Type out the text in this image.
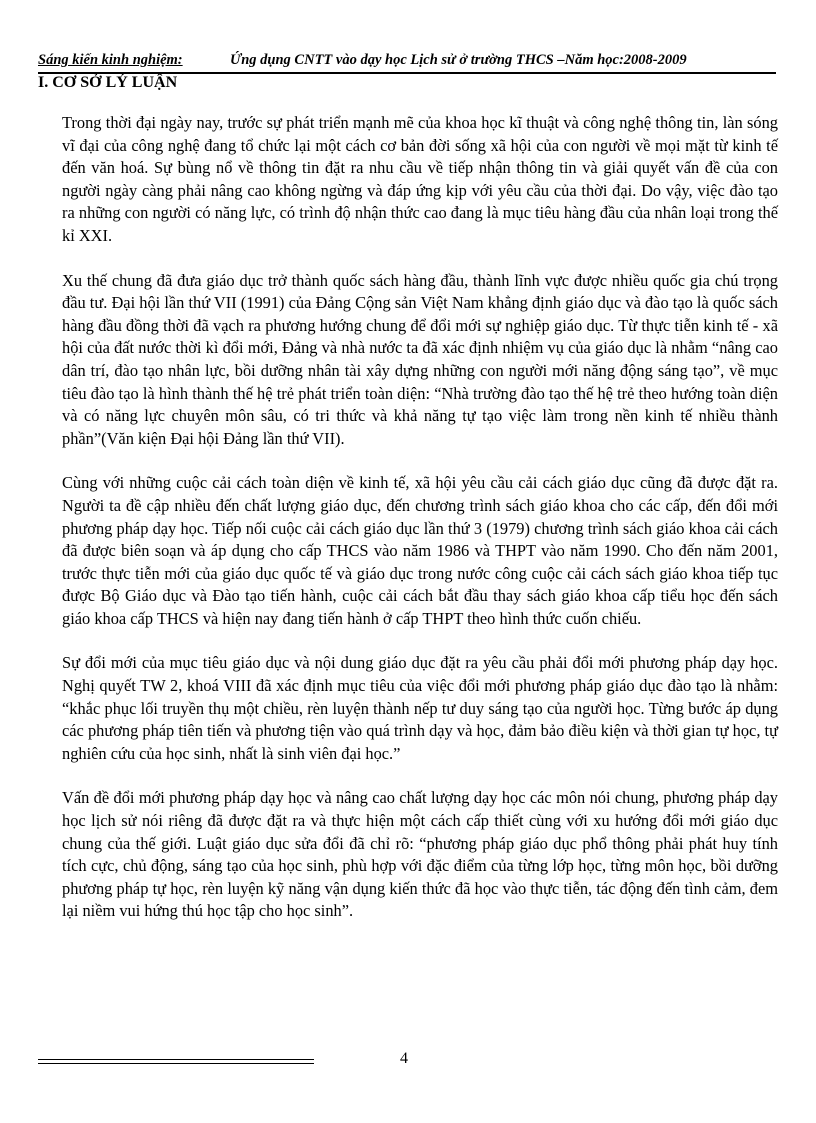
Sáng kiến kinh nghiệm:	Ứng dụng CNTT vào dạy học Lịch sử ở trường THCS –Năm học:2008-2009
I. CƠ SỞ LÝ LUẬN

Trong thời đại ngày nay, trước sự phát triển mạnh mẽ của khoa học kĩ thuật và công nghệ thông tin, làn sóng vĩ đại của công nghệ đang tổ chức lại một cách cơ bản đời sống xã hội của con người về mọi mặt từ kinh tế đến văn hoá. Sự bùng nổ về thông tin đặt ra nhu cầu về tiếp nhận thông tin và giải quyết vấn đề của con người ngày càng phải nâng cao không ngừng và đáp ứng kịp với yêu cầu của thời đại. Do vậy, việc đào tạo ra những con người có năng lực, có trình độ nhận thức cao đang là mục tiêu hàng đầu của nhân loại trong thế kỉ XXI.

Xu thế chung đã đưa giáo dục trở thành quốc sách hàng đầu, thành lĩnh vực được nhiều quốc gia chú trọng đầu tư. Đại hội lần thứ VII (1991) của Đảng Cộng sản Việt Nam khẳng định giáo dục và đào tạo là quốc sách hàng đầu đồng thời đã vạch ra phương hướng chung để đổi mới sự nghiệp giáo dục. Từ thực tiễn kinh tế - xã hội của đất nước thời kì đổi mới, Đảng và nhà nước ta đã xác định nhiệm vụ của giáo dục là nhằm “nâng cao dân trí, đào tạo nhân lực, bồi dưỡng nhân tài xây dựng những con người mới năng động sáng tạo”, về mục tiêu đào tạo là hình thành thế hệ trẻ phát triển toàn diện: “Nhà trường đào tạo thế hệ trẻ theo hướng toàn diện và có năng lực chuyên môn sâu, có tri thức và khả năng tự tạo việc làm trong nền kinh tế nhiều thành phần”(Văn kiện Đại hội Đảng lần thứ VII).

Cùng với những cuộc cải cách toàn diện về kinh tế, xã hội yêu cầu cải cách giáo dục cũng đã được đặt ra. Người ta đề cập nhiều đến chất lượng giáo dục, đến chương trình sách giáo khoa cho các cấp, đến đổi mới phương pháp dạy học. Tiếp nối cuộc cải cách giáo dục lần thứ 3 (1979) chương trình sách giáo khoa cải cách đã được biên soạn và áp dụng cho cấp THCS vào năm 1986 và THPT vào năm 1990. Cho đến năm 2001, trước thực tiễn mới của giáo dục quốc tế và giáo dục trong nước công cuộc cải cách sách giáo khoa tiếp tục được Bộ Giáo dục và Đào tạo tiến hành, cuộc cải cách bắt đầu thay sách giáo khoa cấp tiểu học đến sách giáo khoa cấp THCS và hiện nay đang tiến hành ở cấp THPT theo hình thức cuốn chiếu.

Sự đổi mới của mục tiêu giáo dục và nội dung giáo dục đặt ra yêu cầu phải đổi mới phương pháp dạy học. Nghị quyết TW 2, khoá VIII đã xác định mục tiêu của việc đổi mới phương pháp giáo dục đào tạo là nhằm: “khắc phục lối truyền thụ một chiều, rèn luyện thành nếp tư duy sáng tạo của người học. Từng bước áp dụng các phương pháp tiên tiến và phương tiện vào quá trình dạy và học, đảm bảo điều kiện và thời gian tự học, tự nghiên cứu của học sinh, nhất là sinh viên đại học.”

Vấn đề đổi mới phương pháp dạy học và nâng cao chất lượng dạy học các môn nói chung, phương pháp dạy học lịch sử nói riêng đã được đặt ra và thực hiện một cách cấp thiết cùng với xu hướng đổi mới giáo dục chung của thế giới. Luật giáo dục sửa đổi đã chỉ rõ: “phương pháp giáo dục phổ thông phải phát huy tính tích cực, chủ động, sáng tạo của học sinh, phù hợp với đặc điểm của từng lớp học, từng môn học, bồi dưỡng phương pháp tự học, rèn luyện kỹ năng vận dụng kiến thức đã học vào thực tiễn, tác động đến tình cảm, đem lại niềm vui hứng thú học tập cho học sinh”.

4
